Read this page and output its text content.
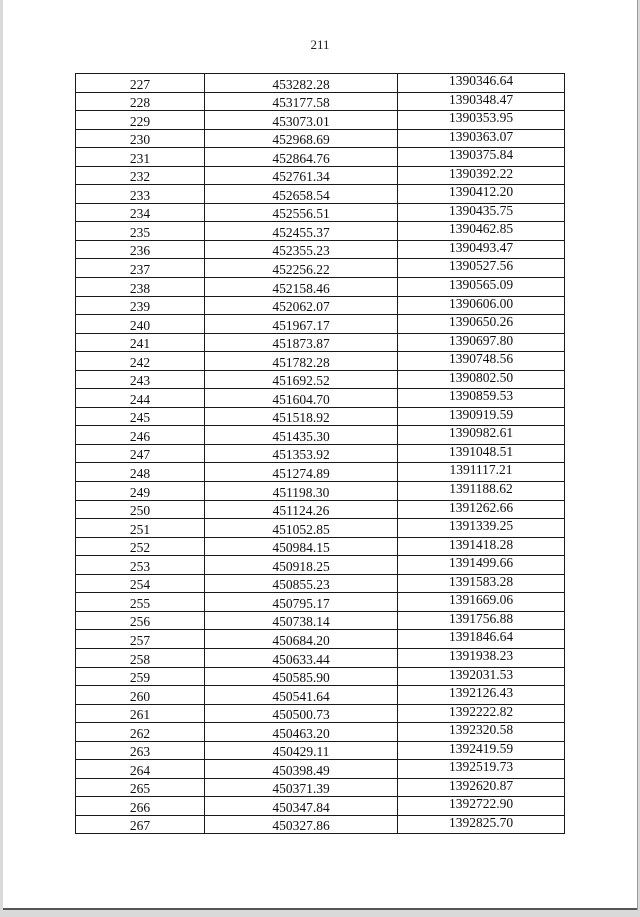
211
227	453282.28	1390346.64
228	453177.58	1390348.47
229	453073.01	1390353.95
230	452968.69	1390363.07
231	452864.76	1390375.84
232	452761.34	1390392.22
233	452658.54	1390412.20
234	452556.51	1390435.75
235	452455.37	1390462.85
236	452355.23	1390493.47
237	452256.22	1390527.56
238	452158.46	1390565.09
239	452062.07	1390606.00
240	451967.17	1390650.26
241	451873.87	1390697.80
242	451782.28	1390748.56
243	451692.52	1390802.50
244	451604.70	1390859.53
245	451518.92	1390919.59
246	451435.30	1390982.61
247	451353.92	1391048.51
248	451274.89	1391117.21
249	451198.30	1391188.62
250	451124.26	1391262.66
251	451052.85	1391339.25
252	450984.15	1391418.28
253	450918.25	1391499.66
254	450855.23	1391583.28
255	450795.17	1391669.06
256	450738.14	1391756.88
257	450684.20	1391846.64
258	450633.44	1391938.23
259	450585.90	1392031.53
260	450541.64	1392126.43
261	450500.73	1392222.82
262	450463.20	1392320.58
263	450429.11	1392419.59
264	450398.49	1392519.73
265	450371.39	1392620.87
266	450347.84	1392722.90
267	450327.86	1392825.70
